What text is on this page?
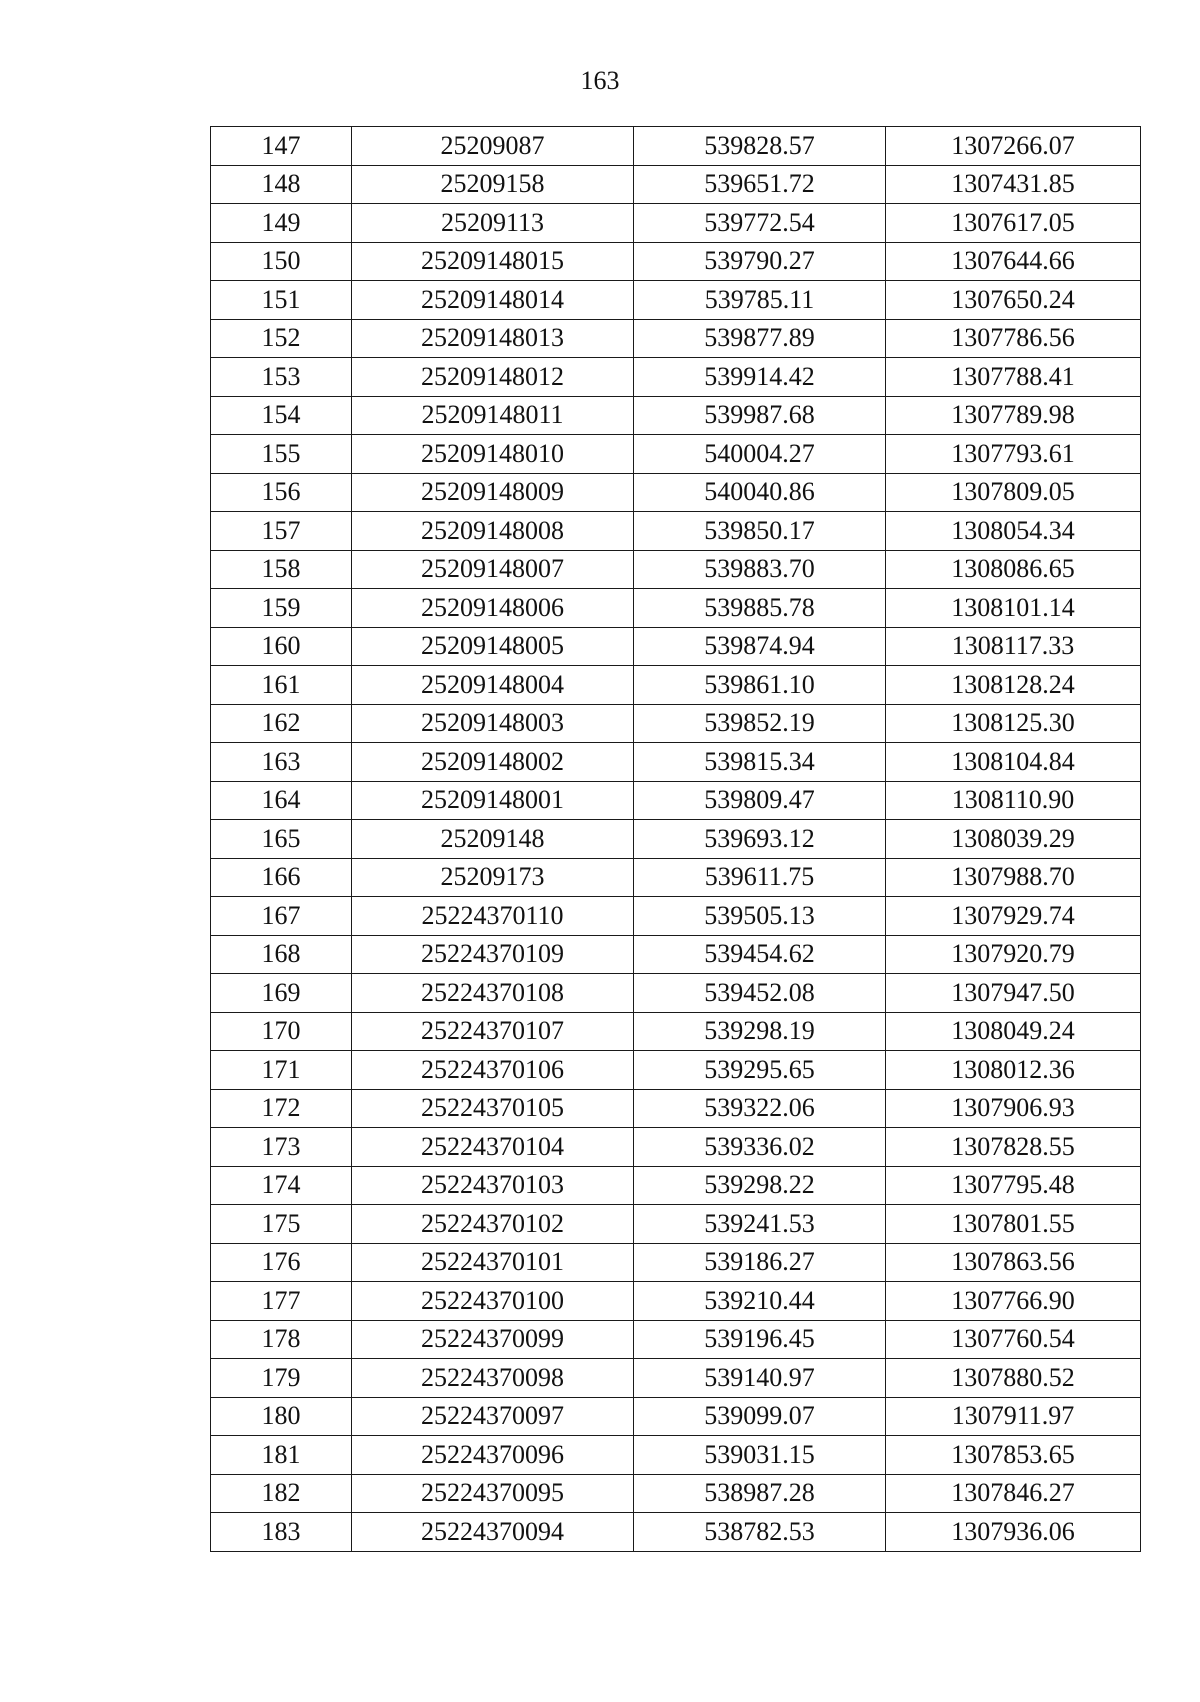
163
147	25209087	539828.57	1307266.07
148	25209158	539651.72	1307431.85
149	25209113	539772.54	1307617.05
150	25209148015	539790.27	1307644.66
151	25209148014	539785.11	1307650.24
152	25209148013	539877.89	1307786.56
153	25209148012	539914.42	1307788.41
154	25209148011	539987.68	1307789.98
155	25209148010	540004.27	1307793.61
156	25209148009	540040.86	1307809.05
157	25209148008	539850.17	1308054.34
158	25209148007	539883.70	1308086.65
159	25209148006	539885.78	1308101.14
160	25209148005	539874.94	1308117.33
161	25209148004	539861.10	1308128.24
162	25209148003	539852.19	1308125.30
163	25209148002	539815.34	1308104.84
164	25209148001	539809.47	1308110.90
165	25209148	539693.12	1308039.29
166	25209173	539611.75	1307988.70
167	25224370110	539505.13	1307929.74
168	25224370109	539454.62	1307920.79
169	25224370108	539452.08	1307947.50
170	25224370107	539298.19	1308049.24
171	25224370106	539295.65	1308012.36
172	25224370105	539322.06	1307906.93
173	25224370104	539336.02	1307828.55
174	25224370103	539298.22	1307795.48
175	25224370102	539241.53	1307801.55
176	25224370101	539186.27	1307863.56
177	25224370100	539210.44	1307766.90
178	25224370099	539196.45	1307760.54
179	25224370098	539140.97	1307880.52
180	25224370097	539099.07	1307911.97
181	25224370096	539031.15	1307853.65
182	25224370095	538987.28	1307846.27
183	25224370094	538782.53	1307936.06
